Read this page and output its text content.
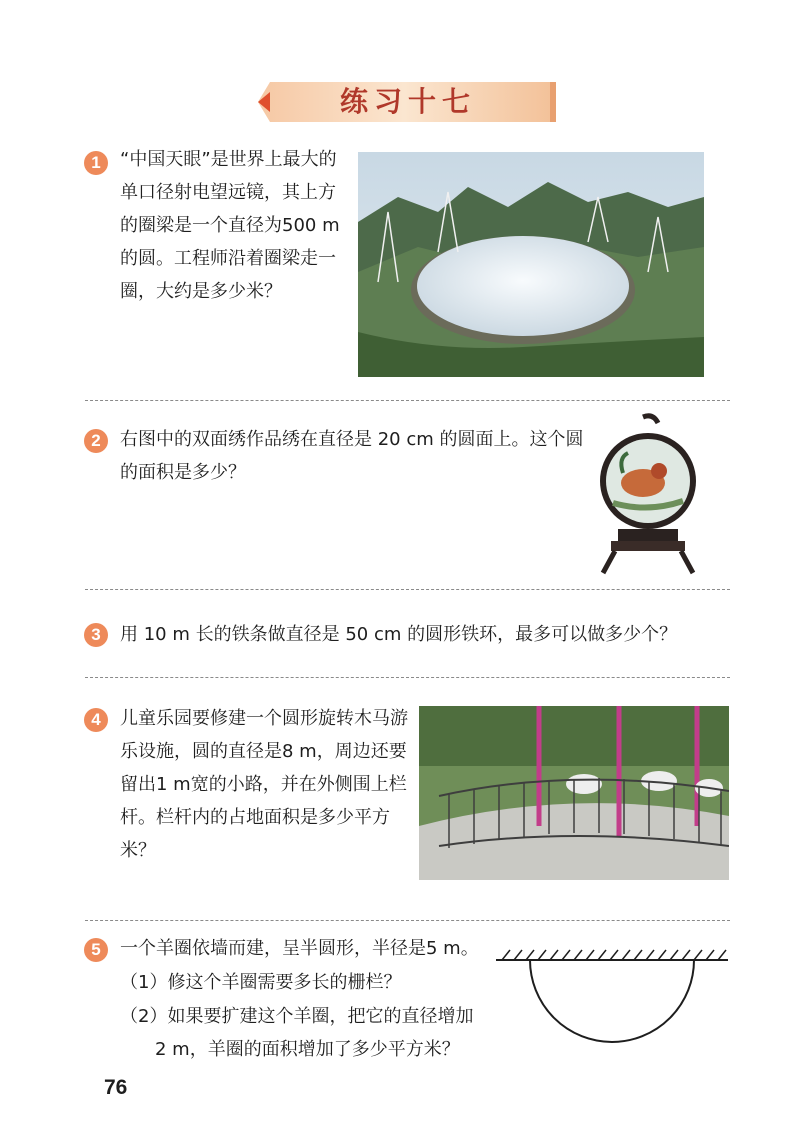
练习十七
1	“中国天眼”是世界上最大的单口径射电望远镜，其上方的圈梁是一个直径为500 m的圆。工程师沿着圈梁走一圈，大约是多少米？
2	右图中的双面绣作品绣在直径是 20 cm 的圆面上。这个圆的面积是多少？
3	用 10 m 长的铁条做直径是 50 cm 的圆形铁环，最多可以做多少个？
4	儿童乐园要修建一个圆形旋转木马游乐设施，圆的直径是8 m，周边还要留出1 m宽的小路，并在外侧围上栏杆。栏杆内的占地面积是多少平方米？
5	一个羊圈依墙而建，呈半圆形，半径是5 m。
（1）修这个羊圈需要多长的栅栏？
（2）如果要扩建这个羊圈，把它的直径增加
2 m，羊圈的面积增加了多少平方米？
76
